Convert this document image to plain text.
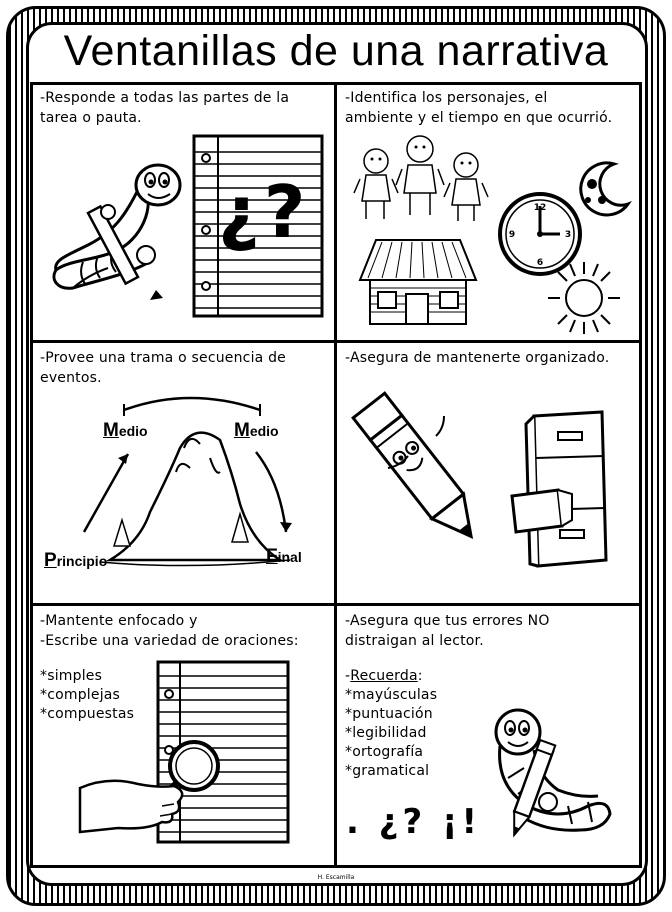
Ventanillas de una narrativa
-Responde a todas las partes de la
tarea o pauta.
¿?
-Identifica los personajes, el
ambiente y el tiempo en que ocurrió.
12
3
6
9
-Provee una trama o secuencia de
eventos.
Medio	Medio
Principio	Final
-Asegura de mantenerte organizado.
-Mantente enfocado y
-Escribe una variedad de oraciones:
*simples
*complejas
*compuestas
-Asegura que tus errores NO
distraigan al lector.
-Recuerda:
*mayúsculas
*puntuación
*legibilidad
*ortografía
*gramatical
. ¿? ¡!
H. Escamilla
